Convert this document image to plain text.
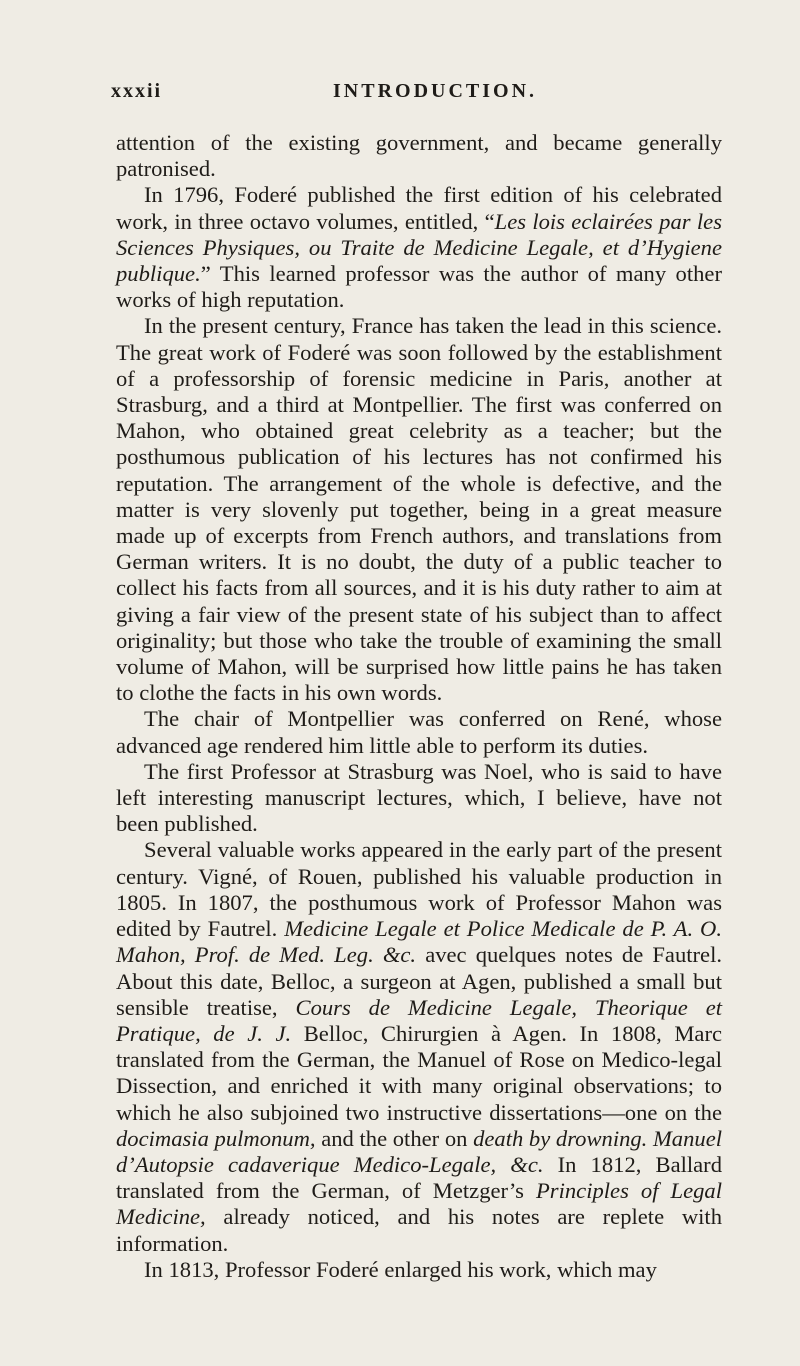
xxxii	INTRODUCTION.

attention of the existing government, and became generally patronised.

In 1796, Foderé published the first edition of his celebrated work, in three octavo volumes, entitled, “Les lois eclairées par les Sciences Physiques, ou Traite de Medicine Legale, et d’Hygiene publique.” This learned professor was the author of many other works of high reputation.

In the present century, France has taken the lead in this science. The great work of Foderé was soon followed by the establishment of a professorship of forensic medicine in Paris, another at Strasburg, and a third at Montpellier. The first was conferred on Mahon, who obtained great celebrity as a teacher; but the posthumous publication of his lectures has not confirmed his reputation. The arrangement of the whole is defective, and the matter is very slovenly put together, being in a great measure made up of excerpts from French authors, and translations from German writers. It is no doubt, the duty of a public teacher to collect his facts from all sources, and it is his duty rather to aim at giving a fair view of the present state of his subject than to affect originality; but those who take the trouble of examining the small volume of Mahon, will be surprised how little pains he has taken to clothe the facts in his own words.

The chair of Montpellier was conferred on René, whose advanced age rendered him little able to perform its duties.

The first Professor at Strasburg was Noel, who is said to have left interesting manuscript lectures, which, I believe, have not been published.

Several valuable works appeared in the early part of the present century. Vigné, of Rouen, published his valuable production in 1805. In 1807, the posthumous work of Professor Mahon was edited by Fautrel. Medicine Legale et Police Medicale de P. A. O. Mahon, Prof. de Med. Leg. &c. avec quelques notes de Fautrel. About this date, Belloc, a surgeon at Agen, published a small but sensible treatise, Cours de Medicine Legale, Theorique et Pratique, de J. J. Belloc, Chirurgien à Agen. In 1808, Marc translated from the German, the Manuel of Rose on Medico-legal Dissection, and enriched it with many original observations; to which he also subjoined two instructive dissertations—one on the docimasia pulmonum, and the other on death by drowning. Manuel d’Autopsie cadaverique Medico-Legale, &c. In 1812, Ballard translated from the German, of Metzger’s Principles of Legal Medicine, already noticed, and his notes are replete with information.

In 1813, Professor Foderé enlarged his work, which may
